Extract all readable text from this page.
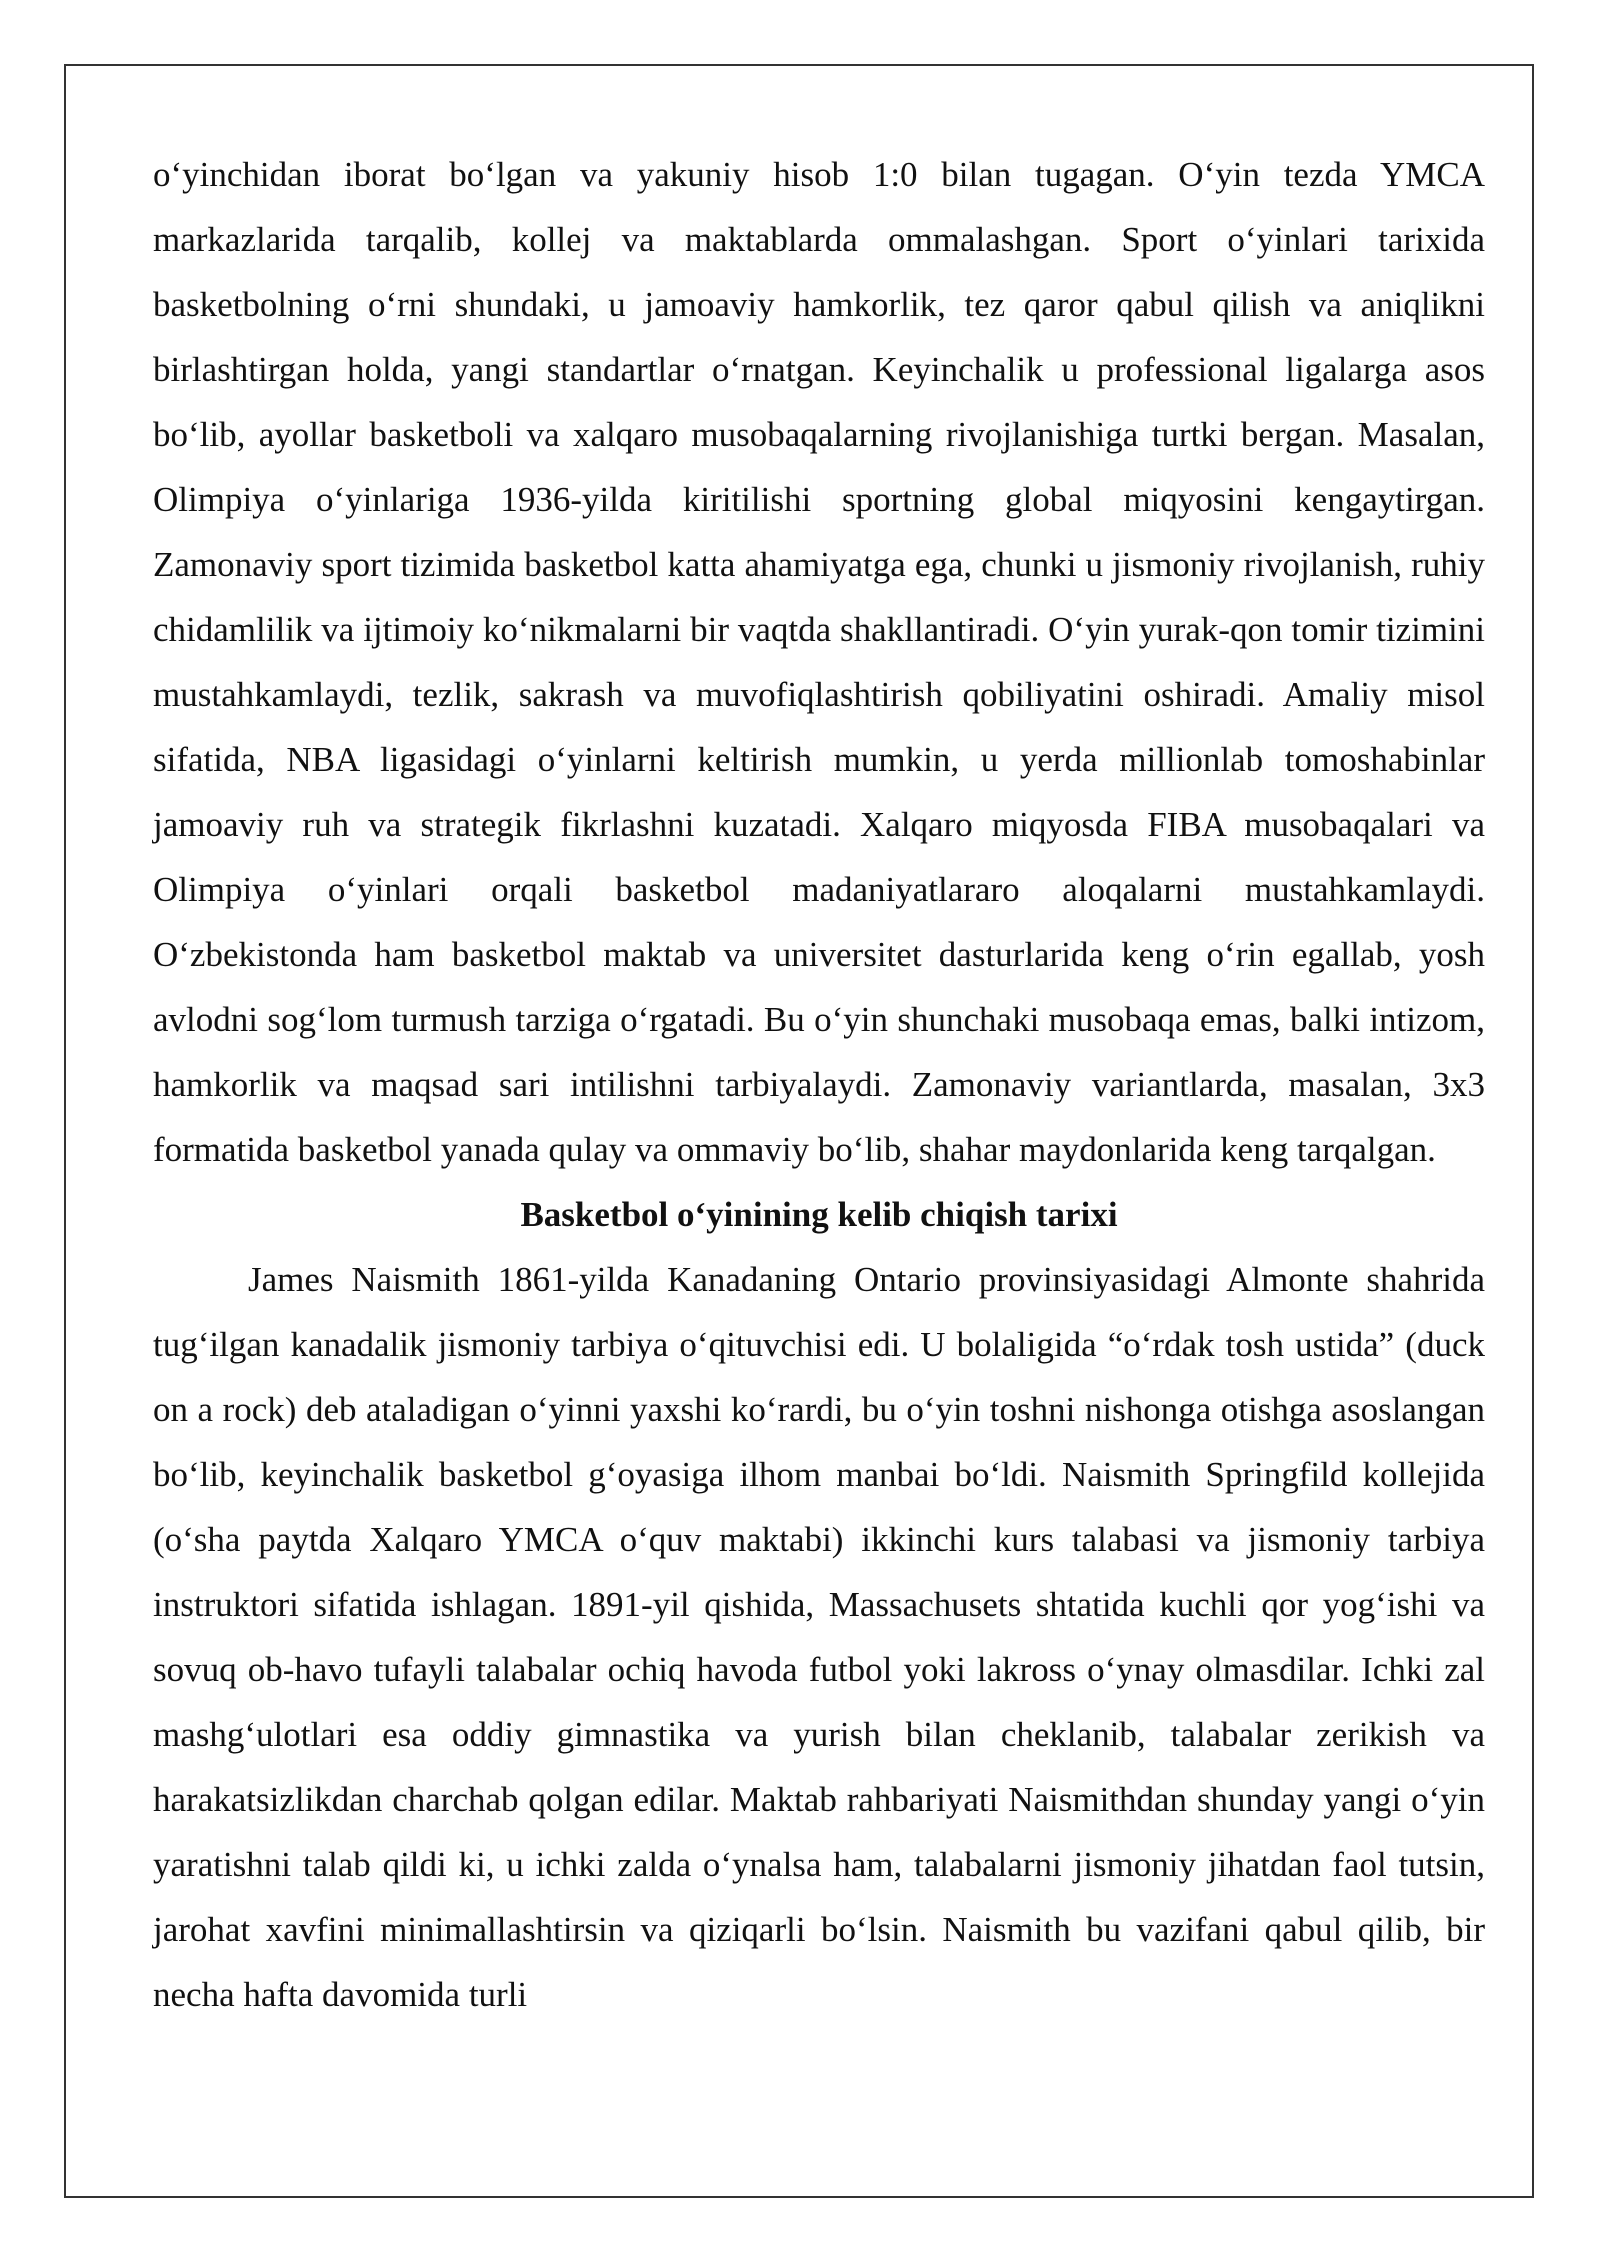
o‘yinchidan iborat bo‘lgan va yakuniy hisob 1:0 bilan tugagan. O‘yin tezda YMCA markazlarida tarqalib, kollej va maktablarda ommalashgan. Sport o‘yinlari tarixida basketbolning o‘rni shundaki, u jamoaviy hamkorlik, tez qaror qabul qilish va aniqlikni birlashtirgan holda, yangi standartlar o‘rnatgan. Keyinchalik u professional ligalarga asos bo‘lib, ayollar basketboli va xalqaro musobaqalarning rivojlanishiga turtki bergan. Masalan, Olimpiya o‘yinlariga 1936-yilda kiritilishi sportning global miqyosini kengaytirgan. Zamonaviy sport tizimida basketbol katta ahamiyatga ega, chunki u jismoniy rivojlanish, ruhiy chidamlilik va ijtimoiy ko‘nikmalarni bir vaqtda shakllantiradi. O‘yin yurak-qon tomir tizimini mustahkamlaydi, tezlik, sakrash va muvofiqlashtirish qobiliyatini oshiradi. Amaliy misol sifatida, NBA ligasidagi o‘yinlarni keltirish mumkin, u yerda millionlab tomoshabinlar jamoaviy ruh va strategik fikrlashni kuzatadi. Xalqaro miqyosda FIBA musobaqalari va Olimpiya o‘yinlari orqali basketbol madaniyatlararo aloqalarni mustahkamlaydi. O‘zbekistonda ham basketbol maktab va universitet dasturlarida keng o‘rin egallab, yosh avlodni sog‘lom turmush tarziga o‘rgatadi. Bu o‘yin shunchaki musobaqa emas, balki intizom, hamkorlik va maqsad sari intilishni tarbiyalaydi. Zamonaviy variantlarda, masalan, 3x3 formatida basketbol yanada qulay va ommaviy bo‘lib, shahar maydonlarida keng tarqalgan.

Basketbol o‘yinining kelib chiqish tarixi

James Naismith 1861-yilda Kanadaning Ontario provinsiyasidagi Almonte shahrida tug‘ilgan kanadalik jismoniy tarbiya o‘qituvchisi edi. U bolaligida “o‘rdak tosh ustida” (duck on a rock) deb ataladigan o‘yinni yaxshi ko‘rardi, bu o‘yin toshni nishonga otishga asoslangan bo‘lib, keyinchalik basketbol g‘oyasiga ilhom manbai bo‘ldi. Naismith Springfild kollejida (o‘sha paytda Xalqaro YMCA o‘quv maktabi) ikkinchi kurs talabasi va jismoniy tarbiya instruktori sifatida ishlagan. 1891-yil qishida, Massachusets shtatida kuchli qor yog‘ishi va sovuq ob-havo tufayli talabalar ochiq havoda futbol yoki lakross o‘ynay olmasdilar. Ichki zal mashg‘ulotlari esa oddiy gimnastika va yurish bilan cheklanib, talabalar zerikish va harakatsizlikdan charchab qolgan edilar. Maktab rahbariyati Naismithdan shunday yangi o‘yin yaratishni talab qildi ki, u ichki zalda o‘ynalsa ham, talabalarni jismoniy jihatdan faol tutsin, jarohat xavfini minimallashtirsin va qiziqarli bo‘lsin. Naismith bu vazifani qabul qilib, bir necha hafta davomida turli
